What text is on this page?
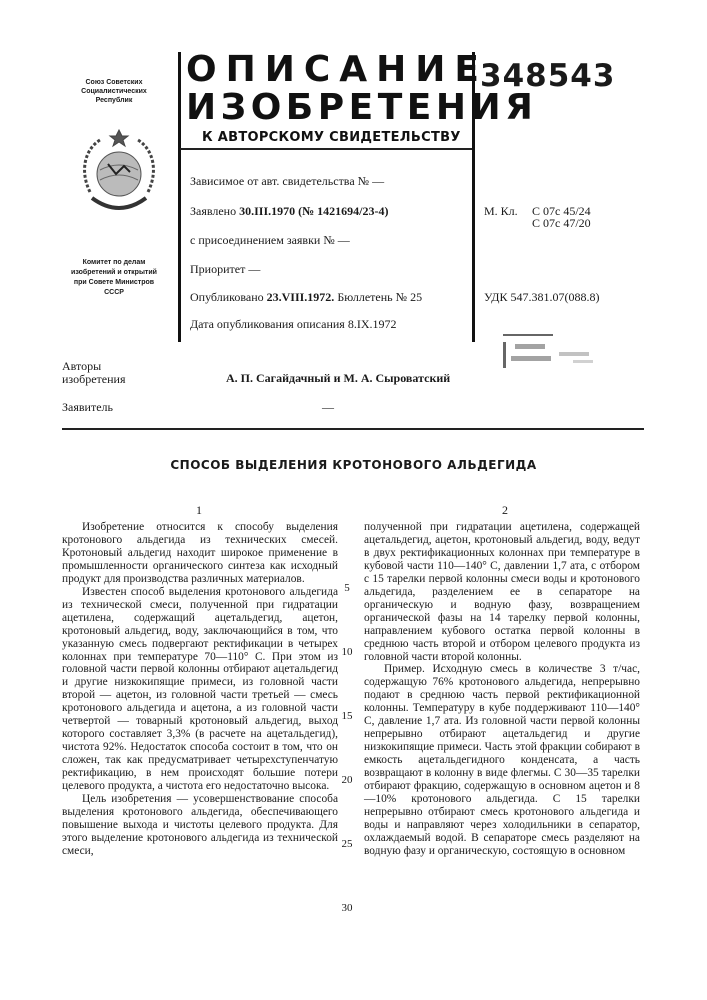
Союз Советских
Социалистических
Республик
Комитет по делам
изобретений и открытий
при Совете Министров
СССР
ОПИСАНИЕ
ИЗОБРЕТЕНИЯ
К АВТОРСКОМУ СВИДЕТЕЛЬСТВУ
348543
Зависимое от авт. свидетельства № —
Заявлено 30.III.1970 (№ 1421694/23-4)
с присоединением заявки № —
Приоритет —
Опубликовано 23.VIII.1972. Бюллетень № 25
Дата опубликования описания 8.IX.1972
М. Кл. С 07с 45/24
С 07с 47/20
УДК 547.381.07(088.8)
Авторы
изобретения	А. П. Сагайдачный и М. А. Сыроватский
Заявитель	—
СПОСОБ ВЫДЕЛЕНИЯ КРОТОНОВОГО АЛЬДЕГИДА
1	2

Изобретение относится к способу выделения кротонового альдегида из технических смесей. Кротоновый альдегид находит широкое применение в промышленности органического синтеза как исходный продукт для производства различных материалов.

Известен способ выделения кротонового альдегида из технической смеси, полученной при гидратации ацетилена, содержащий ацетальдегид, ацетон, кротоновый альдегид, воду, заключающийся в том, что указанную смесь подвергают ректификации в четырех колоннах при температуре 70—110° С. При этом из головной части первой колонны отбирают ацетальдегид и другие низкокипящие примеси, из головной части второй — ацетон, из головной части третьей — смесь кротонового альдегида и ацетона, а из головной части четвертой — товарный кротоновый альдегид, выход которого составляет 3,3% (в расчете на ацетальдегид), чистота 92%. Недостаток способа состоит в том, что он сложен, так как предусматривает четырехступенчатую ректификацию, в нем происходят большие потери целевого продукта, а чистота его недостаточно высока.

Цель изобретения — усовершенствование способа выделения кротонового альдегида, обеспечивающего повышение выхода и чистоты целевого продукта. Для этого выделение кротонового альдегида из технической смеси,

5
10
15
20
25
30

полученной при гидратации ацетилена, содержащей ацетальдегид, ацетон, кротоновый альдегид, воду, ведут в двух ректификационных колоннах при температуре в кубовой части 110—140° С, давлении 1,7 ата, с отбором с 15 тарелки первой колонны смеси воды и кротонового альдегида, разделением ее в сепараторе на органическую и водную фазу, возвращением органической фазы на 14 тарелку первой колонны, направлением кубового остатка первой колонны в среднюю часть второй и отбором целевого продукта из головной части второй колонны.

Пример. Исходную смесь в количестве 3 т/час, содержащую 76% кротонового альдегида, непрерывно подают в среднюю часть первой ректификационной колонны. Температуру в кубе поддерживают 110—140° С, давление 1,7 ата. Из головной части первой колонны непрерывно отбирают ацетальдегид и другие низкокипящие примеси. Часть этой фракции собирают в емкость ацетальдегидного конденсата, а часть возвращают в колонну в виде флегмы. С 30—35 тарелки отбирают фракцию, содержащую в основном ацетон и 8—10% кротонового альдегида. С 15 тарелки непрерывно отбирают смесь кротонового альдегида и воды и направляют через холодильники в сепаратор, охлаждаемый водой. В сепараторе смесь разделяют на водную фазу и органическую, состоящую в основном
